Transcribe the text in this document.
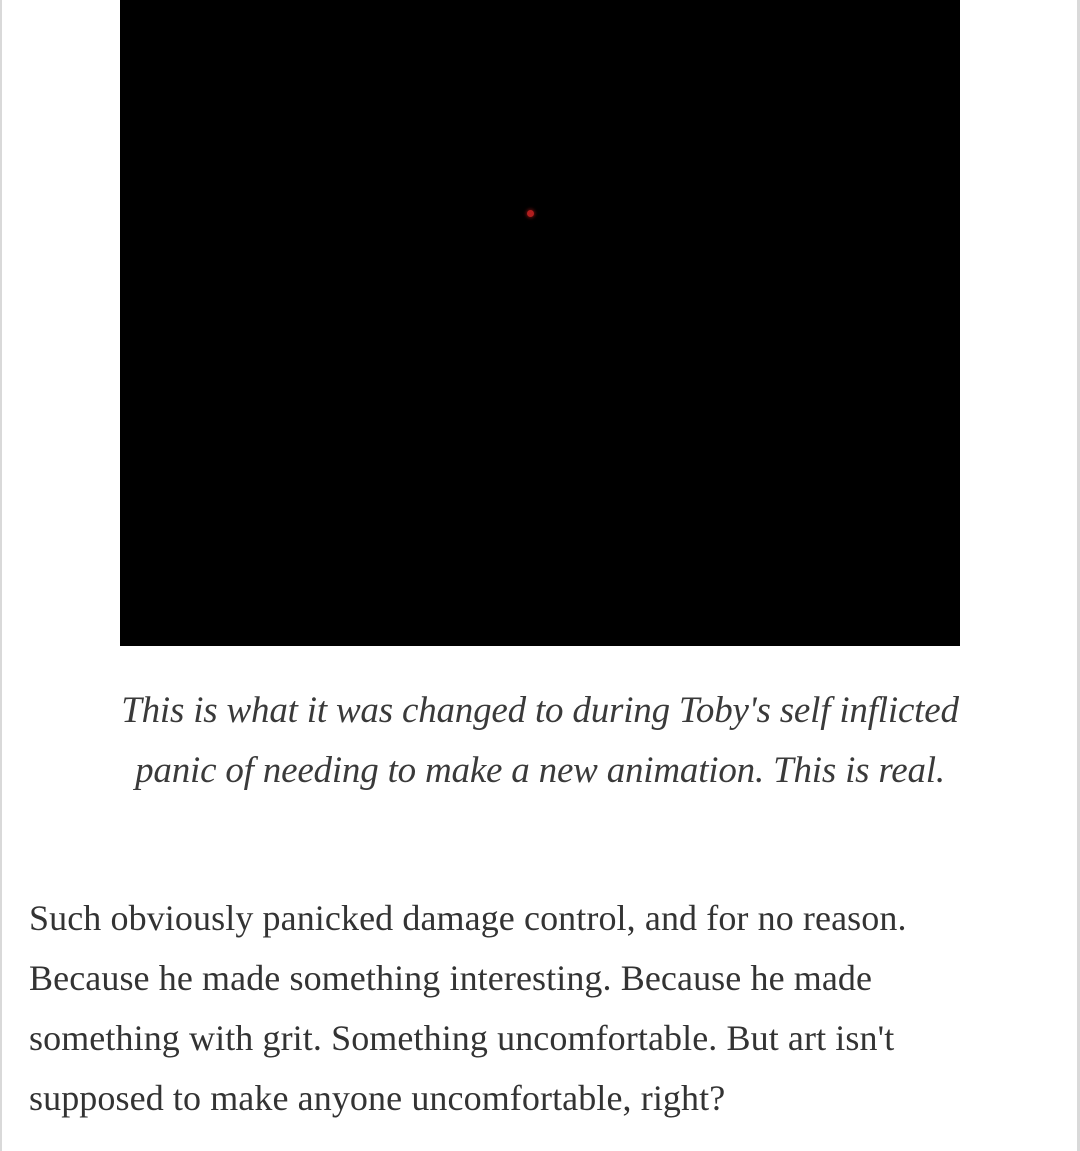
This is what it was changed to during Toby's self inflicted
panic of needing to make a new animation. This is real.

Such obviously panicked damage control, and for no reason.
Because he made something interesting. Because he made
something with grit. Something uncomfortable. But art isn't
supposed to make anyone uncomfortable, right?
